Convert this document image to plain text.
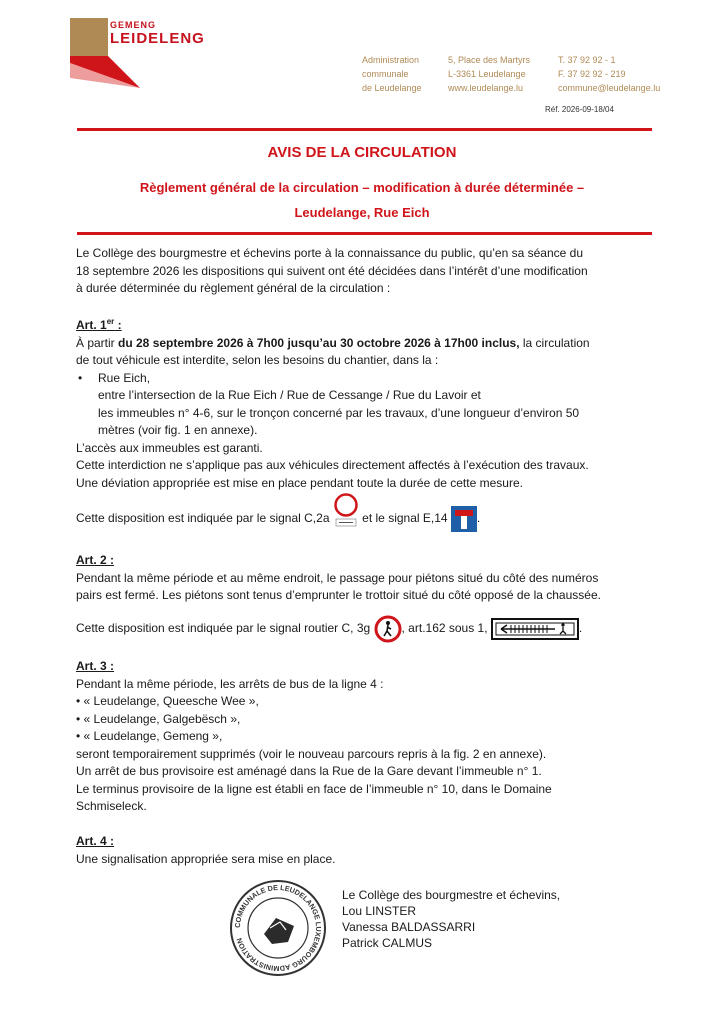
GEMENG
LEIDELENG
Administration
communale
de Leudelange
5, Place des Martyrs
L-3361 Leudelange
www.leudelange.lu
T. 37 92 92 - 1
F. 37 92 92 - 219
commune@leudelange.lu
Réf. 2026-09-18/04
AVIS DE LA CIRCULATION
Règlement général de la circulation – modification à durée déterminée –
Leudelange, Rue Eich
Le Collège des bourgmestre et échevins porte à la connaissance du public, qu’en sa séance du
18 septembre 2026 les dispositions qui suivent ont été décidées dans l’intérêt d’une modification
à durée déterminée du règlement général de la circulation :
Art. 1er :
À partir du 28 septembre 2026 à 7h00 jusqu’au 30 octobre 2026 à 17h00 inclus, la circulation
de tout véhicule est interdite, selon les besoins du chantier, dans la :
• Rue Eich,
entre l’intersection de la Rue Eich / Rue de Cessange / Rue du Lavoir et
les immeubles n° 4-6, sur le tronçon concerné par les travaux, d’une longueur d’environ 50
mètres (voir fig. 1 en annexe).
L’accès aux immeubles est garanti.
Cette interdiction ne s’applique pas aux véhicules directement affectés à l’exécution des travaux.
Une déviation appropriée est mise en place pendant toute la durée de cette mesure.
Cette disposition est indiquée par le signal C,2a  et le signal E,14 .
Art. 2 :
Pendant la même période et au même endroit, le passage pour piétons situé du côté des numéros
pairs est fermé. Les piétons sont tenus d’emprunter le trottoir situé du côté opposé de la chaussée.
Cette disposition est indiquée par le signal routier C, 3g	, art.162 sous 1,	.
Art. 3 :
Pendant la même période, les arrêts de bus de la ligne 4 :
• « Leudelange, Queesche Wee »,
• « Leudelange, Galgebësch »,
• « Leudelange, Gemeng »,
seront temporairement supprimés (voir le nouveau parcours repris à la fig. 2 en annexe).
Un arrêt de bus provisoire est aménagé dans la Rue de la Gare devant l’immeuble n° 1.
Le terminus provisoire de la ligne est établi en face de l’immeuble n° 10, dans le Domaine
Schmiseleck.
Art. 4 :
Une signalisation appropriée sera mise en place.
COMMUNALE DE LEUDELANGE LUXEMBOURG ADMINISTRATION
Le Collège des bourgmestre et échevins,
Lou LINSTER
Vanessa BALDASSARRI
Patrick CALMUS
